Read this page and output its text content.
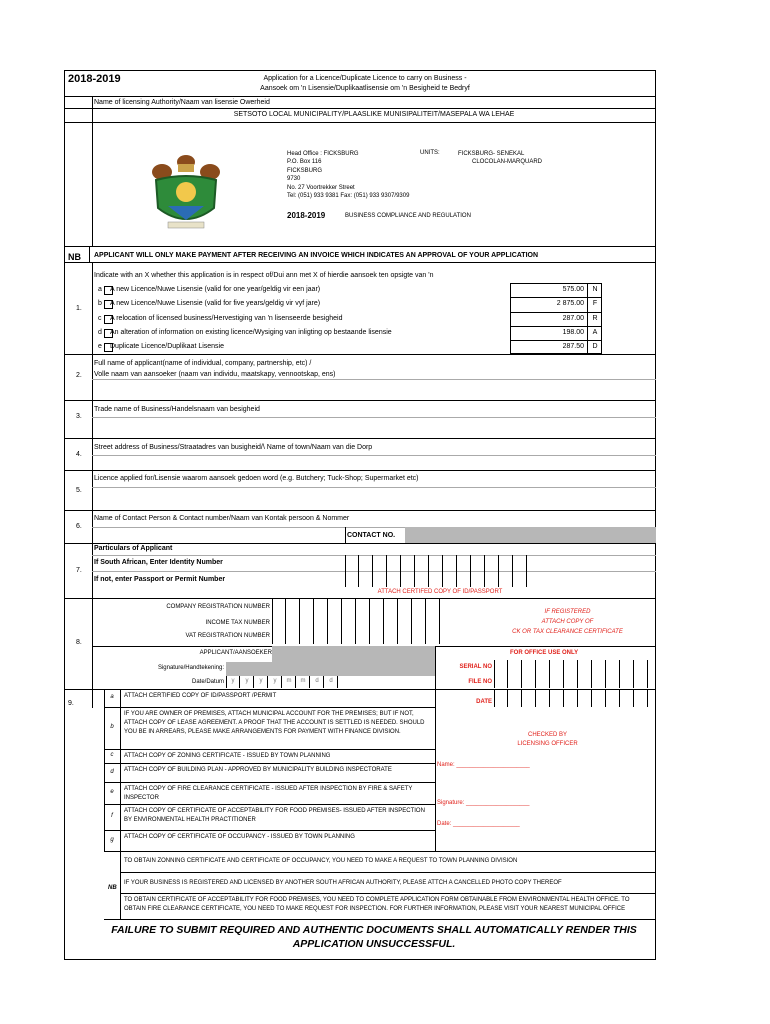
2018-2019	Application for a Licence/Duplicate Licence to carry on Business -
Aansoek om 'n Lisensie/Duplikaatlisensie om 'n Besigheid te Bedryf
Name of licensing Authority/Naam van lisensie Owerheid
SETSOTO LOCAL MUNICIPALITY/PLAASLIKE MUNISIPALITEIT/MASEPALA WA LEHAE
Head Office : FICKSBURG
P.O. Box 116
FICKSBURG
9730
No. 27 Voortrekker Street
Tel: (051) 933 9381 Fax: (051) 933 9307/9309
UNITS:	FICKSBURG- SENEKAL
CLOCOLAN-MARQUARD
2018-2019	BUSINESS COMPLIANCE AND REGULATION
NB APPLICANT WILL ONLY MAKE PAYMENT AFTER RECEIVING AN INVOICE WHICH INDICATES AN APPROVAL OF YOUR APPLICATION
Indicate with an X whether this application is in respect of/Dui ann met X of hierdie aansoek ten opsigte van 'n
1.
a A new Licence/Nuwe Lisensie (valid for one year/geldig vir een jaar)	575.00	N
b A new Licence/Nuwe Lisensie (valid for five years/geldig vir vyf jare)	2 875.00	F
c A relocation of licensed business/Hervestiging van 'n lisenseerde besigheid	287.00	R
d An alteration of information on existing licence/Wysiging van inligting op bestaande lisensie	198.00	A
e Duplicate Licence/Duplikaat Lisensie	287.50	D
Full name of applicant(name of individual, company, partnership, etc) /
Volle naam van aansoeker (naam van individu, maatskapy, vennootskap, ens)
2.
Trade name of Business/Handelsnaam van besigheid
3.
Street address of Business/Straatadres van busigheid/\ Name of town/Naam van die Dorp
4.
Licence applied for/Lisensie waarom aansoek gedoen word (e.g. Butchery; Tuck-Shop; Supermarket etc)
5.
Name of Contact Person & Contact number/Naam van Kontak persoon & Nommer
6.
CONTACT NO.
Particulars of Applicant
If South African, Enter Identity Number
7.
If not, enter Passport or Permit Number
ATTACH CERTIFED COPY OF ID/PASSPORT
COMPANY REGISTRATION NUMBER
INCOME TAX NUMBER
VAT REGISTRATION NUMBER
IF REGISTERED
ATTACH COPY OF
CK OR TAX CLEARANCE CERTIFICATE
8.
APPLICANT/AANSOEKER
Signature/Handtekening:
Date/Datum	y	y	y	y	m	m	d	d
FOR OFFICE USE ONLY
SERIAL NO
FILE NO
9.	DATE
a	ATTACH CERTIFIED COPY OF ID/PASSPORT /PERMIT
b
IF YOU ARE OWNER OF PREMISES, ATTACH MUNICIPAL ACCOUNT FOR THE PREMISES; BUT IF NOT, ATTACH COPY OF LEASE AGREEMENT. A PROOF THAT THE ACCOUNT IS SETTLED IS NEEDED. SHOULD YOU BE IN ARREARS, PLEASE MAKE ARRANGEMENTS FOR PAYMENT WITH FINANCE DIVISION.
c	ATTACH COPY OF ZONING CERTIFICATE - ISSUED BY TOWN PLANNING
d	ATTACH COPY OF BUILDING PLAN - APPROVED BY MUNICIPALITY BUILDING INSPECTORATE
e	ATTACH COPY OF FIRE CLEARANCE CERTIFICATE - ISSUED AFTER INSPECTION BY FIRE & SAFETY INSPECTOR
f
ATTACH COPY OF CERTIFICATE OF ACCEPTABILITY FOR FOOD PREMISES- ISSUED AFTER INSPECTION BY ENVIRONMENTAL HEALTH PRACTITIONER
g	ATTACH COPY OF CERTIFICATE OF OCCUPANCY - ISSUED BY TOWN PLANNING
CHECKED BY
LICENSING OFFICER
Name: ______________________
Signature: ___________________
Date: ____________________
TO OBTAIN ZONNING CERTIFICATE AND CERTIFICATE OF OCCUPANCY, YOU NEED TO MAKE A REQUEST TO TOWN PLANNING DIVISION
NB
IF YOUR BUSINESS IS REGISTERED AND LICENSED BY ANOTHER SOUTH AFRICAN AUTHORITY, PLEASE ATTCH A CANCELLED PHOTO COPY THEREOF
TO OBTAIN CERTIFICATE OF ACCEPTABILITY FOR FOOD PREMISES, YOU NEED TO COMPLETE APPLICATION FORM OBTAINABLE FROM ENVIRONMENTAL HEALTH OFFICE. TO OBTAIN FIRE CLEARANCE CERTIFICATE, YOU NEED TO MAKE REQUEST FOR INSPECTION. FOR FURTHER INFORMATION, PLEASE VISIT YOUR NEAREST MUNICIPAL OFFICE
FAILURE TO SUBMIT REQUIRED AND AUTHENTIC DOCUMENTS SHALL AUTOMATICALLY RENDER THIS
APPLICATION UNSUCCESSFUL.
